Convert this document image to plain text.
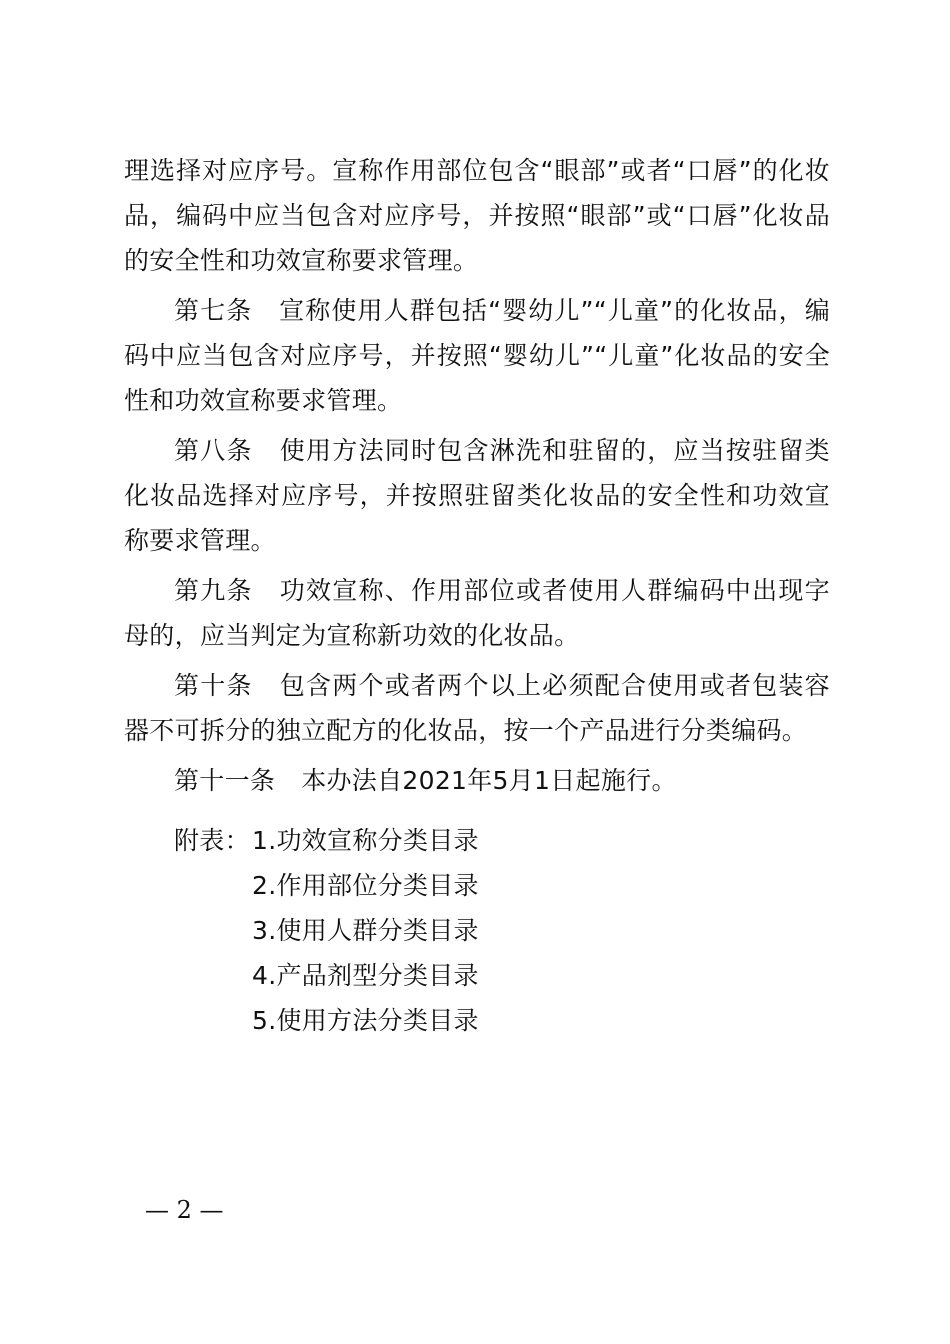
理选择对应序号。宣称作用部位包含“眼部”或者“口唇”的化妆品，编码中应当包含对应序号，并按照“眼部”或“口唇”化妆品的安全性和功效宣称要求管理。

第七条 宣称使用人群包括“婴幼儿”“儿童”的化妆品，编码中应当包含对应序号，并按照“婴幼儿”“儿童”化妆品的安全性和功效宣称要求管理。

第八条 使用方法同时包含淋洗和驻留的，应当按驻留类化妆品选择对应序号，并按照驻留类化妆品的安全性和功效宣称要求管理。

第九条 功效宣称、作用部位或者使用人群编码中出现字母的，应当判定为宣称新功效的化妆品。

第十条 包含两个或者两个以上必须配合使用或者包装容器不可拆分的独立配方的化妆品，按一个产品进行分类编码。

第十一条 本办法自2021年5月1日起施行。

附表： 1.功效宣称分类目录
2.作用部位分类目录
3.使用人群分类目录
4.产品剂型分类目录
5.使用方法分类目录
— 2 —
